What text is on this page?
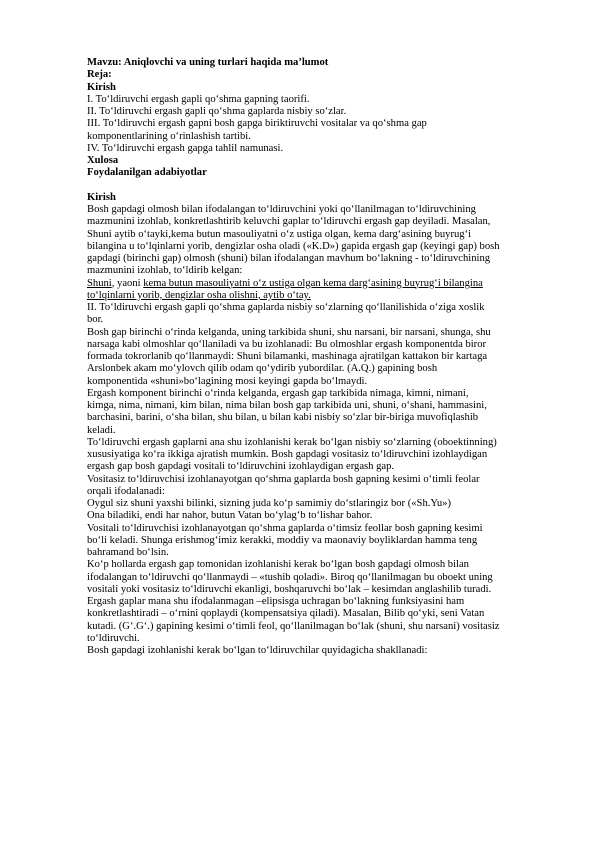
Mavzu: Aniqlovchi va uning turlari haqida ma’lumot
Reja:
Kirish
I. To‘ldiruvchi ergash gapli qo‘shma gapning taorifi.
II. To‘ldiruvchi ergash gapli qo‘shma gaplarda nisbiy so‘zlar.
III. To‘ldiruvchi ergash gapni bosh gapga biriktiruvchi vositalar va qo‘shma gap
komponentlarining o‘rinlashish tartibi.
IV. To‘ldiruvchi ergash gapga tahlil namunasi.
Xulosa
Foydalanilgan adabiyotlar
Kirish
Bosh gapdagi olmosh bilan ifodalangan to‘ldiruvchini yoki qo‘llanilmagan to‘ldiruvchining
mazmunini izohlab, konkretlashtirib keluvchi gaplar to‘ldiruvchi ergash gap deyiladi. Masalan,
Shuni aytib o‘tayki,kema butun masouliyatni o‘z ustiga olgan, kema darg‘asining buyrug‘i
bilangina u to‘lqinlarni yorib, dengizlar osha oladi («K.D») gapida ergash gap (keyingi gap) bosh
gapdagi (birinchi gap) olmosh (shuni) bilan ifodalangan mavhum bo‘lakning - to‘ldiruvchining
mazmunini izohlab, to‘ldirib kelgan:
Shuni, yaoni kema butun masouliyatni o‘z ustiga olgan kema darg‘asining buyrug‘i bilangina
to‘lqinlarni yorib, dengizlar osha olishni, aytib o‘tay.
II. To‘ldiruvchi ergash gapli qo‘shma gaplarda nisbiy so‘zlarning qo‘llanilishida o‘ziga xoslik
bor.
Bosh gap birinchi o‘rinda kelganda, uning tarkibida shuni, shu narsani, bir narsani, shunga, shu
narsaga kabi olmoshlar qo‘llaniladi va bu izohlanadi: Bu olmoshlar ergash komponentda biror
formada tokrorlanib qo‘llanmaydi: Shuni bilamanki, mashinaga ajratilgan kattakon bir kartaga
Arslonbek akam mo‘ylovch qilib odam qo‘ydirib yubordilar. (A.Q.) gapining bosh
komponentida «shuni»bo‘lagining mosi keyingi gapda bo‘lmaydi.
Ergash komponent birinchi o‘rinda kelganda, ergash gap tarkibida nimaga, kimni, nimani,
kimga, nima, nimani, kim bilan, nima bilan bosh gap tarkibida uni, shuni, o‘shani, hammasini,
barchasini, barini, o‘sha bilan, shu bilan, u bilan kabi nisbiy so‘zlar bir-biriga muvofiqlashib
keladi.
To‘ldiruvchi ergash gaplarni ana shu izohlanishi kerak bo‘lgan nisbiy so‘zlarning (oboektinning)
xususiyatiga ko‘ra ikkiga ajratish mumkin. Bosh gapdagi vositasiz to‘ldiruvchini izohlaydigan
ergash gap bosh gapdagi vositali to‘ldiruvchini izohlaydigan ergash gap.
Vositasiz to‘ldiruvchisi izohlanayotgan qo‘shma gaplarda bosh gapning kesimi o‘timli feolar
orqali ifodalanadi:
Oygul siz shuni yaxshi bilinki, sizning juda ko‘p samimiy do‘stlaringiz bor («Sh.Yu»)
Ona biladiki, endi har nahor, butun Vatan bo‘ylag‘b to‘lishar bahor.
Vositali to‘ldiruvchisi izohlanayotgan qo‘shma gaplarda o‘timsiz feollar bosh gapning kesimi
bo‘li keladi. Shunga erishmog‘imiz kerakki, moddiy va maonaviy boyliklardan hamma teng
bahramand bo‘lsin.
Ko‘p hollarda ergash gap tomonidan izohlanishi kerak bo‘lgan bosh gapdagi olmosh bilan
ifodalangan to‘ldiruvchi qo‘llanmaydi – «tushib qoladi». Biroq qo‘llanilmagan bu oboekt uning
vositali yoki vositasiz to‘ldiruvchi ekanligi, boshqaruvchi bo‘lak – kesimdan anglashilib turadi.
Ergash gaplar mana shu ifodalanmagan –elipsisga uchragan bo‘lakning funksiyasini ham
konkretlashtiradi – o‘rnini qoplaydi (kompensatsiya qiladi). Masalan, Bilib qo‘yki, seni Vatan
kutadi. (G‘.G‘.) gapining kesimi o‘timli feol, qo‘llanilmagan bo‘lak (shuni, shu narsani) vositasiz
to‘ldiruvchi.
Bosh gapdagi izohlanishi kerak bo‘lgan to‘ldiruvchilar quyidagicha shakllanadi:
